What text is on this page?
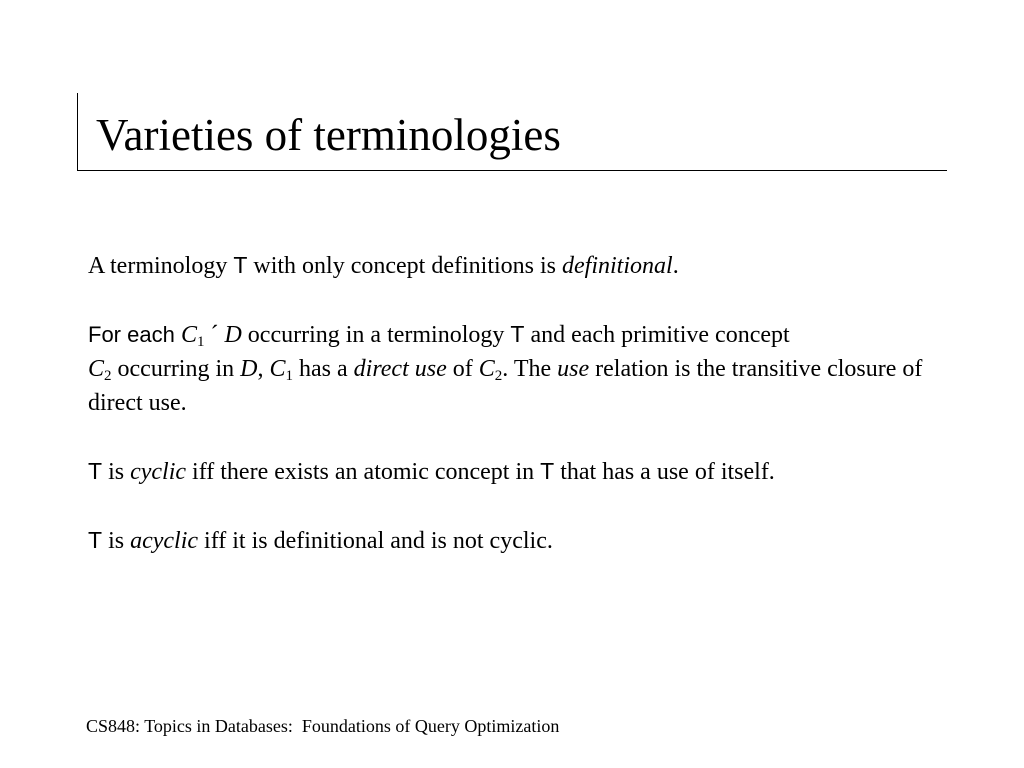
Varieties of terminologies

A terminology T with only concept definitions is definitional.

For each $C_1$ ´ D occurring in a terminology T and each primitive concept
$C_2$ occurring in D, $C_1$ has a direct use of $C_2$. The use relation is the transitive closure of direct use.

T is cyclic iff there exists an atomic concept in T that has a use of itself.

T is acyclic iff it is definitional and is not cyclic.

CS848: Topics in Databases:  Foundations of Query Optimization
